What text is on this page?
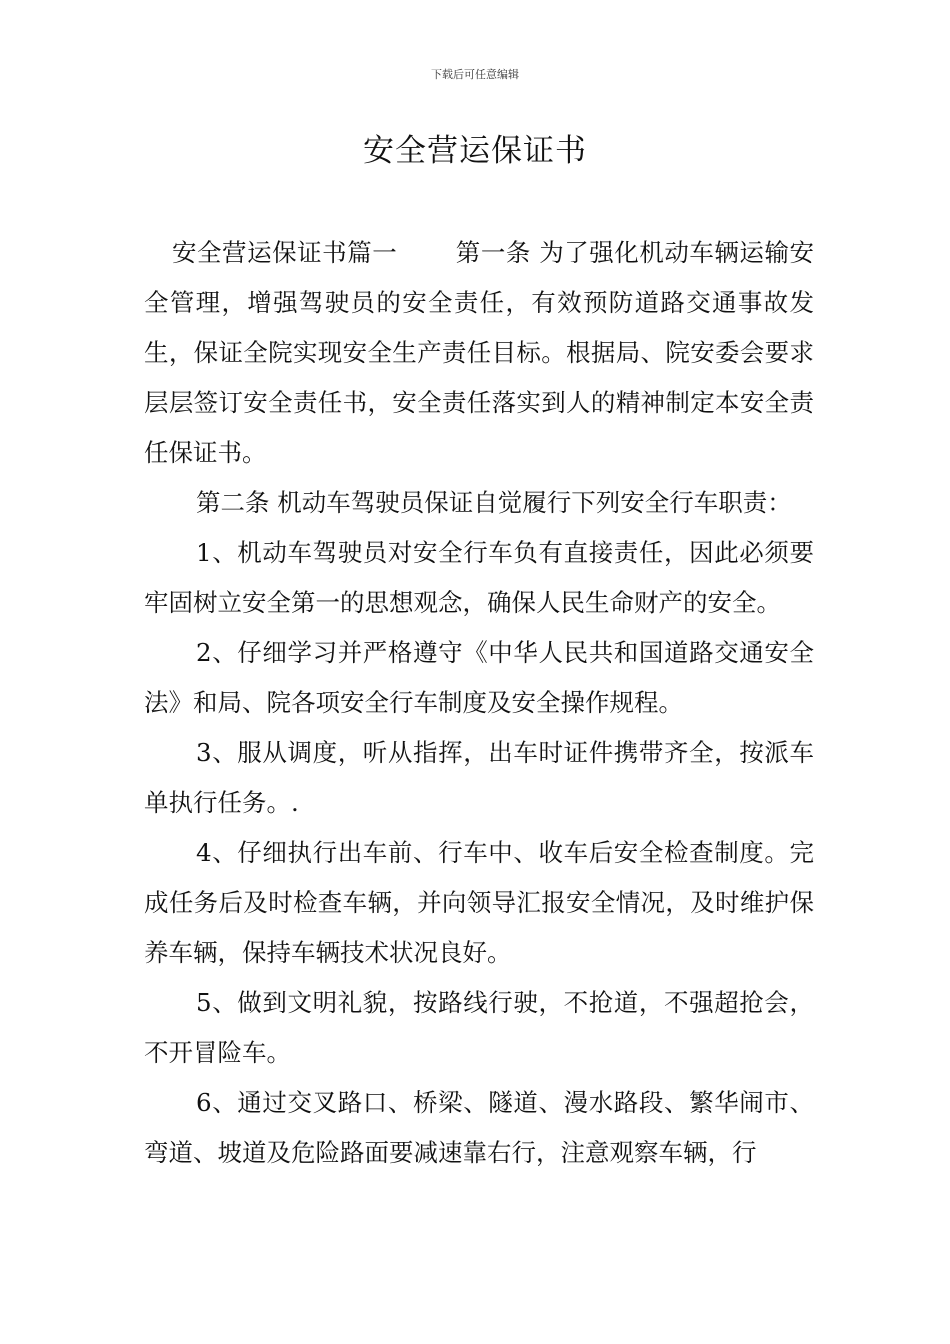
下载后可任意编辑
安全营运保证书

安全营运保证书篇一 第一条 为了强化机动车辆运输安全管理，增强驾驶员的安全责任，有效预防道路交通事故发生，保证全院实现安全生产责任目标。根据局、院安委会要求层层签订安全责任书，安全责任落实到人的精神制定本安全责任保证书。

第二条 机动车驾驶员保证自觉履行下列安全行车职责：

1、机动车驾驶员对安全行车负有直接责任，因此必须要牢固树立安全第一的思想观念，确保人民生命财产的安全。

2、仔细学习并严格遵守《中华人民共和国道路交通安全法》和局、院各项安全行车制度及安全操作规程。

3、服从调度，听从指挥，出车时证件携带齐全，按派车单执行任务。.

4、仔细执行出车前、行车中、收车后安全检查制度。完成任务后及时检查车辆，并向领导汇报安全情况，及时维护保养车辆，保持车辆技术状况良好。

5、做到文明礼貌，按路线行驶，不抢道，不强超抢会，不开冒险车。

6、通过交叉路口、桥梁、隧道、漫水路段、繁华闹市、弯道、坡道及危险路面要减速靠右行，注意观察车辆，行
